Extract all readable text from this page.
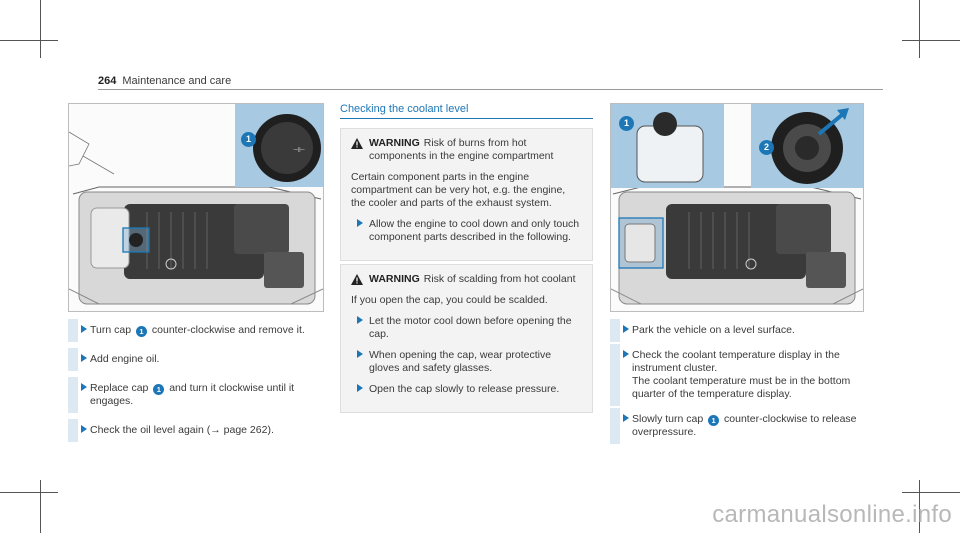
264 Maintenance and care
⊣⊢
1
Turn cap 1 counter-clockwise and remove it.
Add engine oil.
Replace cap 1 and turn it clockwise until it engages.
Check the oil level again (→ page 262).
Checking the coolant level
WARNING Risk of burns from hot components in the engine compartment

Certain component parts in the engine compartment can be very hot, e.g. the engine, the cooler and parts of the exhaust system.

Allow the engine to cool down and only touch component parts described in the following.
WARNING Risk of scalding from hot coolant

If you open the cap, you could be scalded.

Let the motor cool down before opening the cap.
When opening the cap, wear protective gloves and safety glasses.
Open the cap slowly to release pressure.
1
2
Park the vehicle on a level surface.
Check the coolant temperature display in the instrument cluster.
The coolant temperature must be in the bottom quarter of the temperature display.
Slowly turn cap 1 counter-clockwise to release overpressure.
carmanualsonline.info
